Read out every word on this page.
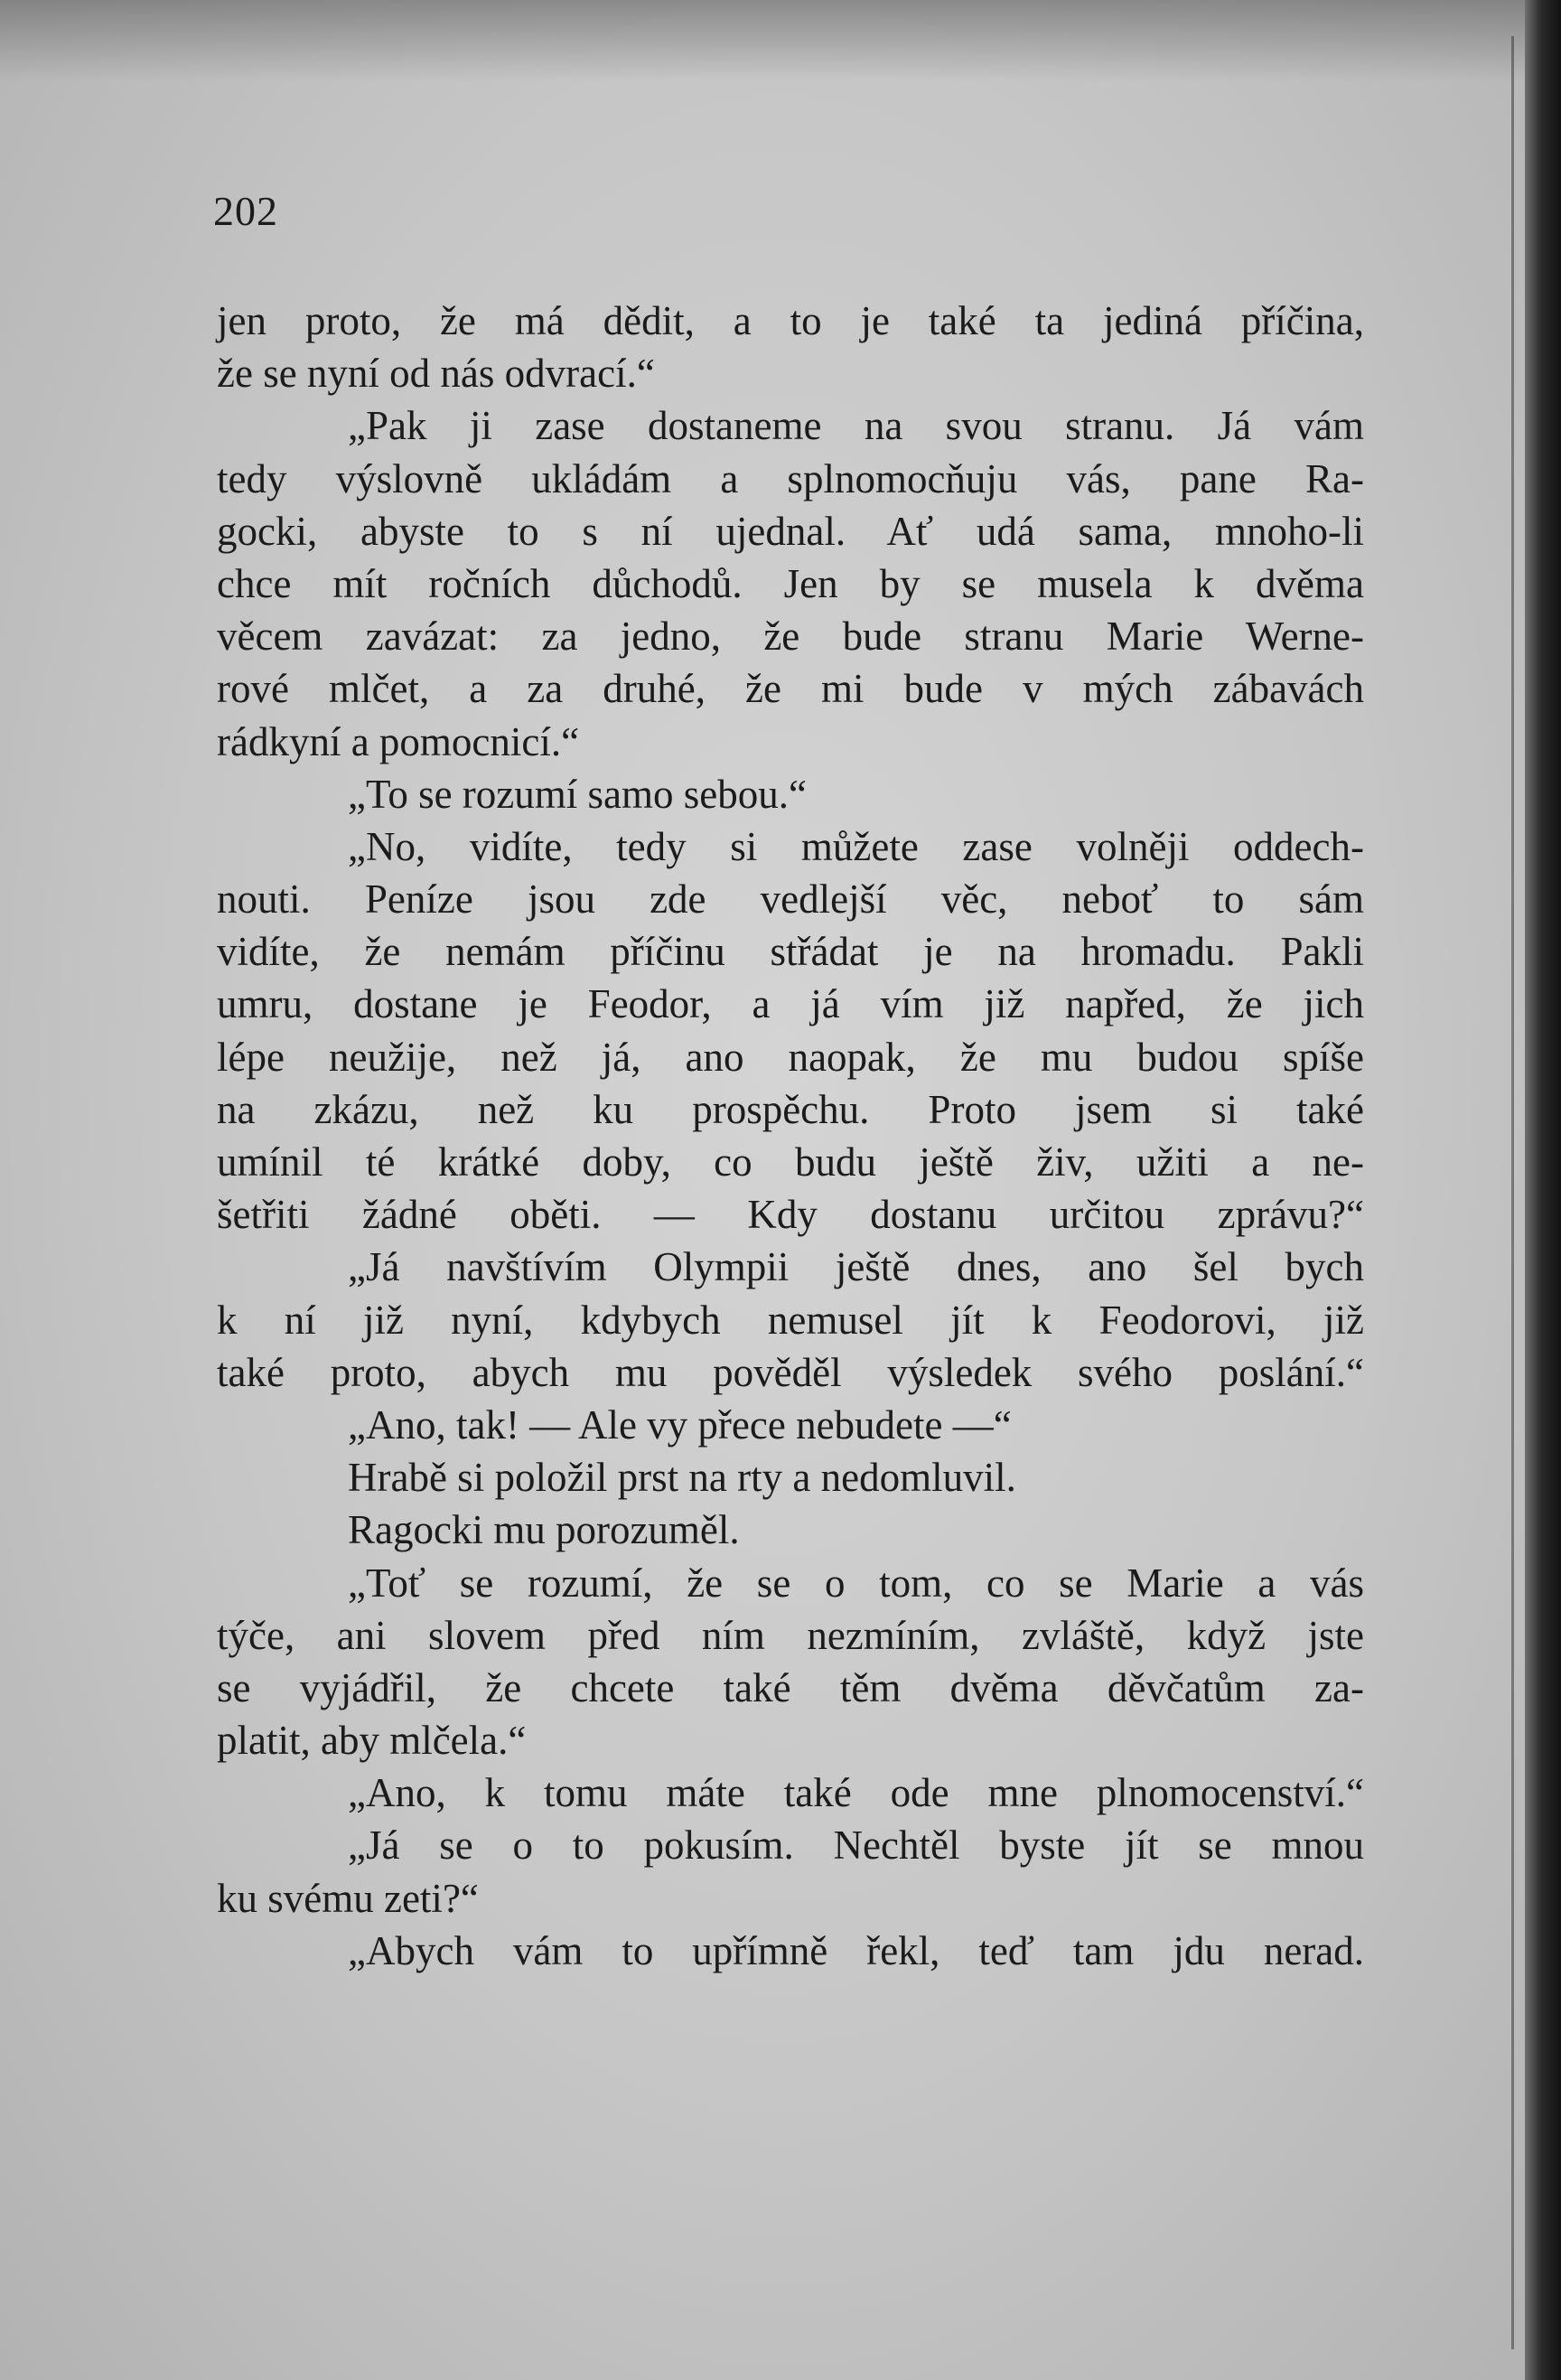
202
jen proto, že má dědit, a to je také ta jediná příčina,
že se nyní od nás odvrací.“
„Pak ji zase dostaneme na svou stranu. Já vám
tedy výslovně ukládám a splnomocňuju vás, pane Ra-
gocki, abyste to s ní ujednal. Ať udá sama, mnoho-li
chce mít ročních důchodů. Jen by se musela k dvěma
věcem zavázat: za jedno, že bude stranu Marie Werne-
rové mlčet, a za druhé, že mi bude v mých zábavách
rádkyní a pomocnicí.“
„To se rozumí samo sebou.“
„No, vidíte, tedy si můžete zase volněji oddech-
nouti. Peníze jsou zde vedlejší věc, neboť to sám
vidíte, že nemám příčinu střádat je na hromadu. Pakli
umru, dostane je Feodor, a já vím již napřed, že jich
lépe neužije, než já, ano naopak, že mu budou spíše
na zkázu, než ku prospěchu. Proto jsem si také
umínil té krátké doby, co budu ještě živ, užiti a ne-
šetřiti žádné oběti. — Kdy dostanu určitou zprávu?“
„Já navštívím Olympii ještě dnes, ano šel bych
k ní již nyní, kdybych nemusel jít k Feodorovi, již
také proto, abych mu pověděl výsledek svého poslání.“
„Ano, tak! — Ale vy přece nebudete —“
Hrabě si položil prst na rty a nedomluvil.
Ragocki mu porozuměl.
„Toť se rozumí, že se o tom, co se Marie a vás
týče, ani slovem před ním nezmíním, zvláště, když jste
se vyjádřil, že chcete také těm dvěma děvčatům za-
platit, aby mlčela.“
„Ano, k tomu máte také ode mne plnomocenství.“
„Já se o to pokusím. Nechtěl byste jít se mnou
ku svému zeti?“
„Abych vám to upřímně řekl, teď tam jdu nerad.
